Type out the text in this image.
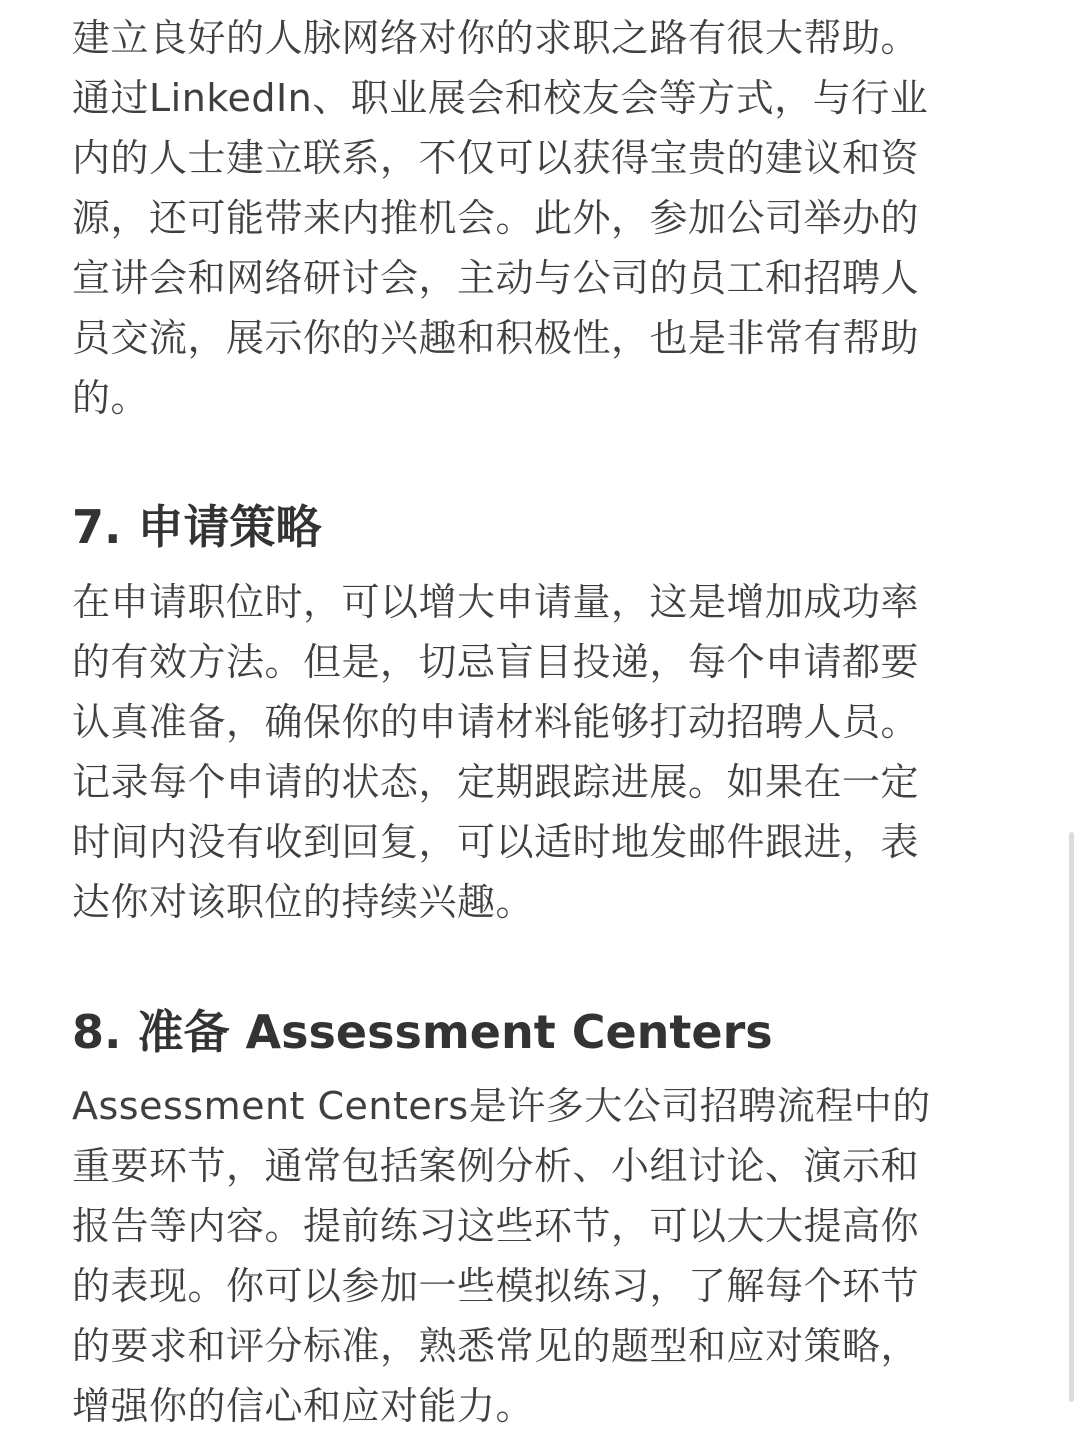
建立良好的人脉网络对你的求职之路有很大帮助。
通过LinkedIn、职业展会和校友会等方式，与行业
内的人士建立联系，不仅可以获得宝贵的建议和资
源，还可能带来内推机会。此外，参加公司举办的
宣讲会和网络研讨会，主动与公司的员工和招聘人
员交流，展示你的兴趣和积极性，也是非常有帮助
的。

7. 申请策略

在申请职位时，可以增大申请量，这是增加成功率
的有效方法。但是，切忌盲目投递，每个申请都要
认真准备，确保你的申请材料能够打动招聘人员。
记录每个申请的状态，定期跟踪进展。如果在一定
时间内没有收到回复，可以适时地发邮件跟进，表
达你对该职位的持续兴趣。

8. 准备 Assessment Centers

Assessment Centers是许多大公司招聘流程中的
重要环节，通常包括案例分析、小组讨论、演示和
报告等内容。提前练习这些环节，可以大大提高你
的表现。你可以参加一些模拟练习，了解每个环节
的要求和评分标准，熟悉常见的题型和应对策略，
增强你的信心和应对能力。
